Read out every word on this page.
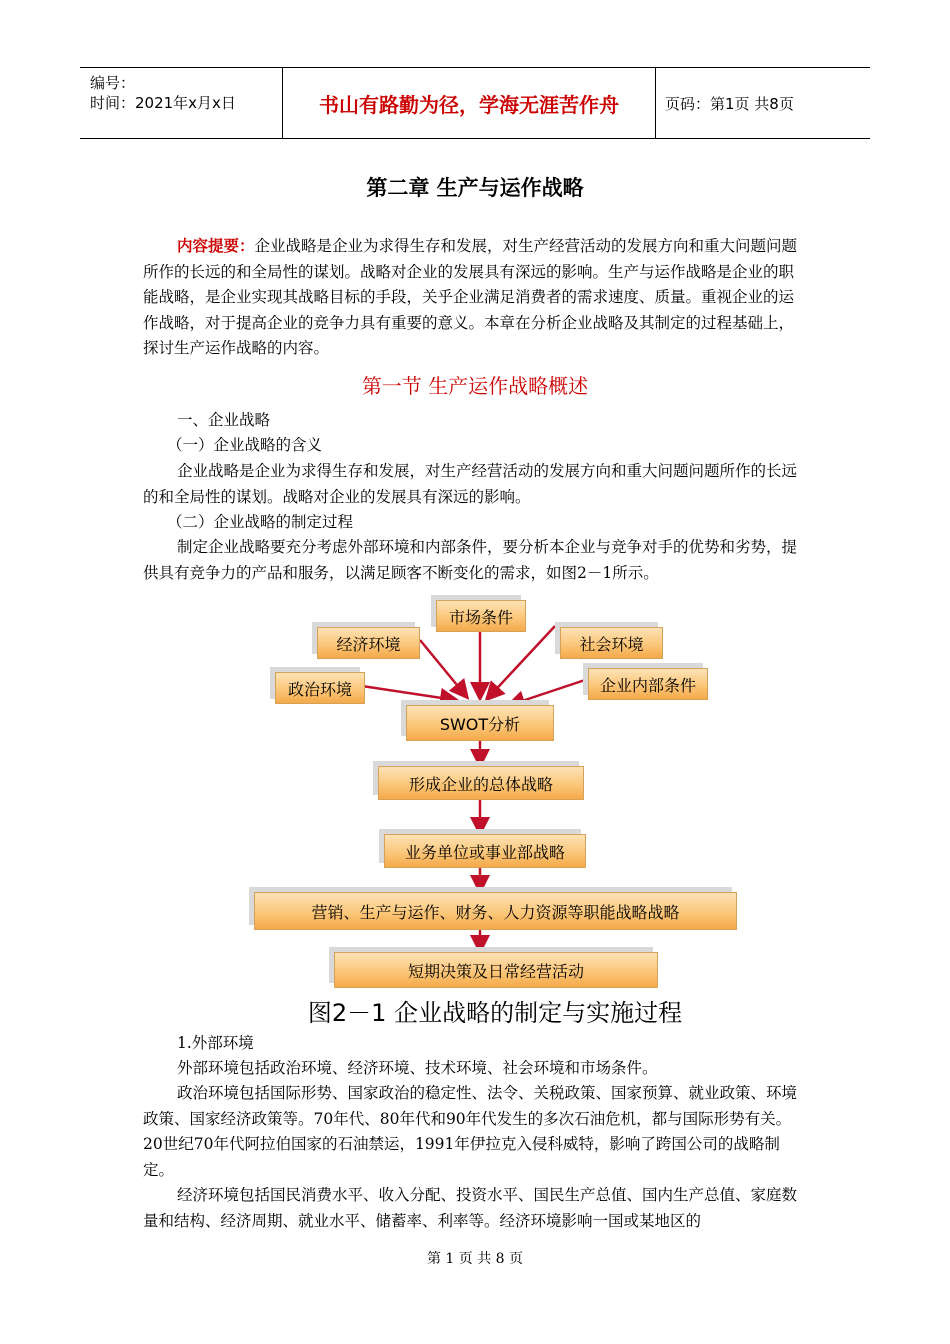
编号：
时间：2021年x月x日	书山有路勤为径，学海无涯苦作舟	页码：第1页 共8页
第二章 生产与运作战略
内容提要：企业战略是企业为求得生存和发展，对生产经营活动的发展方向和重大问题问题所作的长远的和全局性的谋划。战略对企业的发展具有深远的影响。生产与运作战略是企业的职能战略，是企业实现其战略目标的手段，关乎企业满足消费者的需求速度、质量。重视企业的运作战略，对于提高企业的竞争力具有重要的意义。本章在分析企业战略及其制定的过程基础上，探讨生产运作战略的内容。
第一节 生产运作战略概述
一、企业战略
（一）企业战略的含义
企业战略是企业为求得生存和发展，对生产经营活动的发展方向和重大问题问题所作的长远的和全局性的谋划。战略对企业的发展具有深远的影响。
（二）企业战略的制定过程
制定企业战略要充分考虑外部环境和内部条件，要分析本企业与竞争对手的优势和劣势，提供具有竞争力的产品和服务，以满足顾客不断变化的需求，如图2－1所示。
市场条件
经济环境	社会环境
政治环境	企业内部条件
SWOT分析
形成企业的总体战略
业务单位或事业部战略
营销、生产与运作、财务、人力资源等职能战略战略
短期决策及日常经营活动
图2－1 企业战略的制定与实施过程
1.外部环境
外部环境包括政治环境、经济环境、技术环境、社会环境和市场条件。
政治环境包括国际形势、国家政治的稳定性、法令、关税政策、国家预算、就业政策、环境政策、国家经济政策等。70年代、80年代和90年代发生的多次石油危机，都与国际形势有关。20世纪70年代阿拉伯国家的石油禁运，1991年伊拉克入侵科威特，影响了跨国公司的战略制定。
经济环境包括国民消费水平、收入分配、投资水平、国民生产总值、国内生产总值、家庭数量和结构、经济周期、就业水平、储蓄率、利率等。经济环境影响一国或某地区的
第 1 页 共 8 页
